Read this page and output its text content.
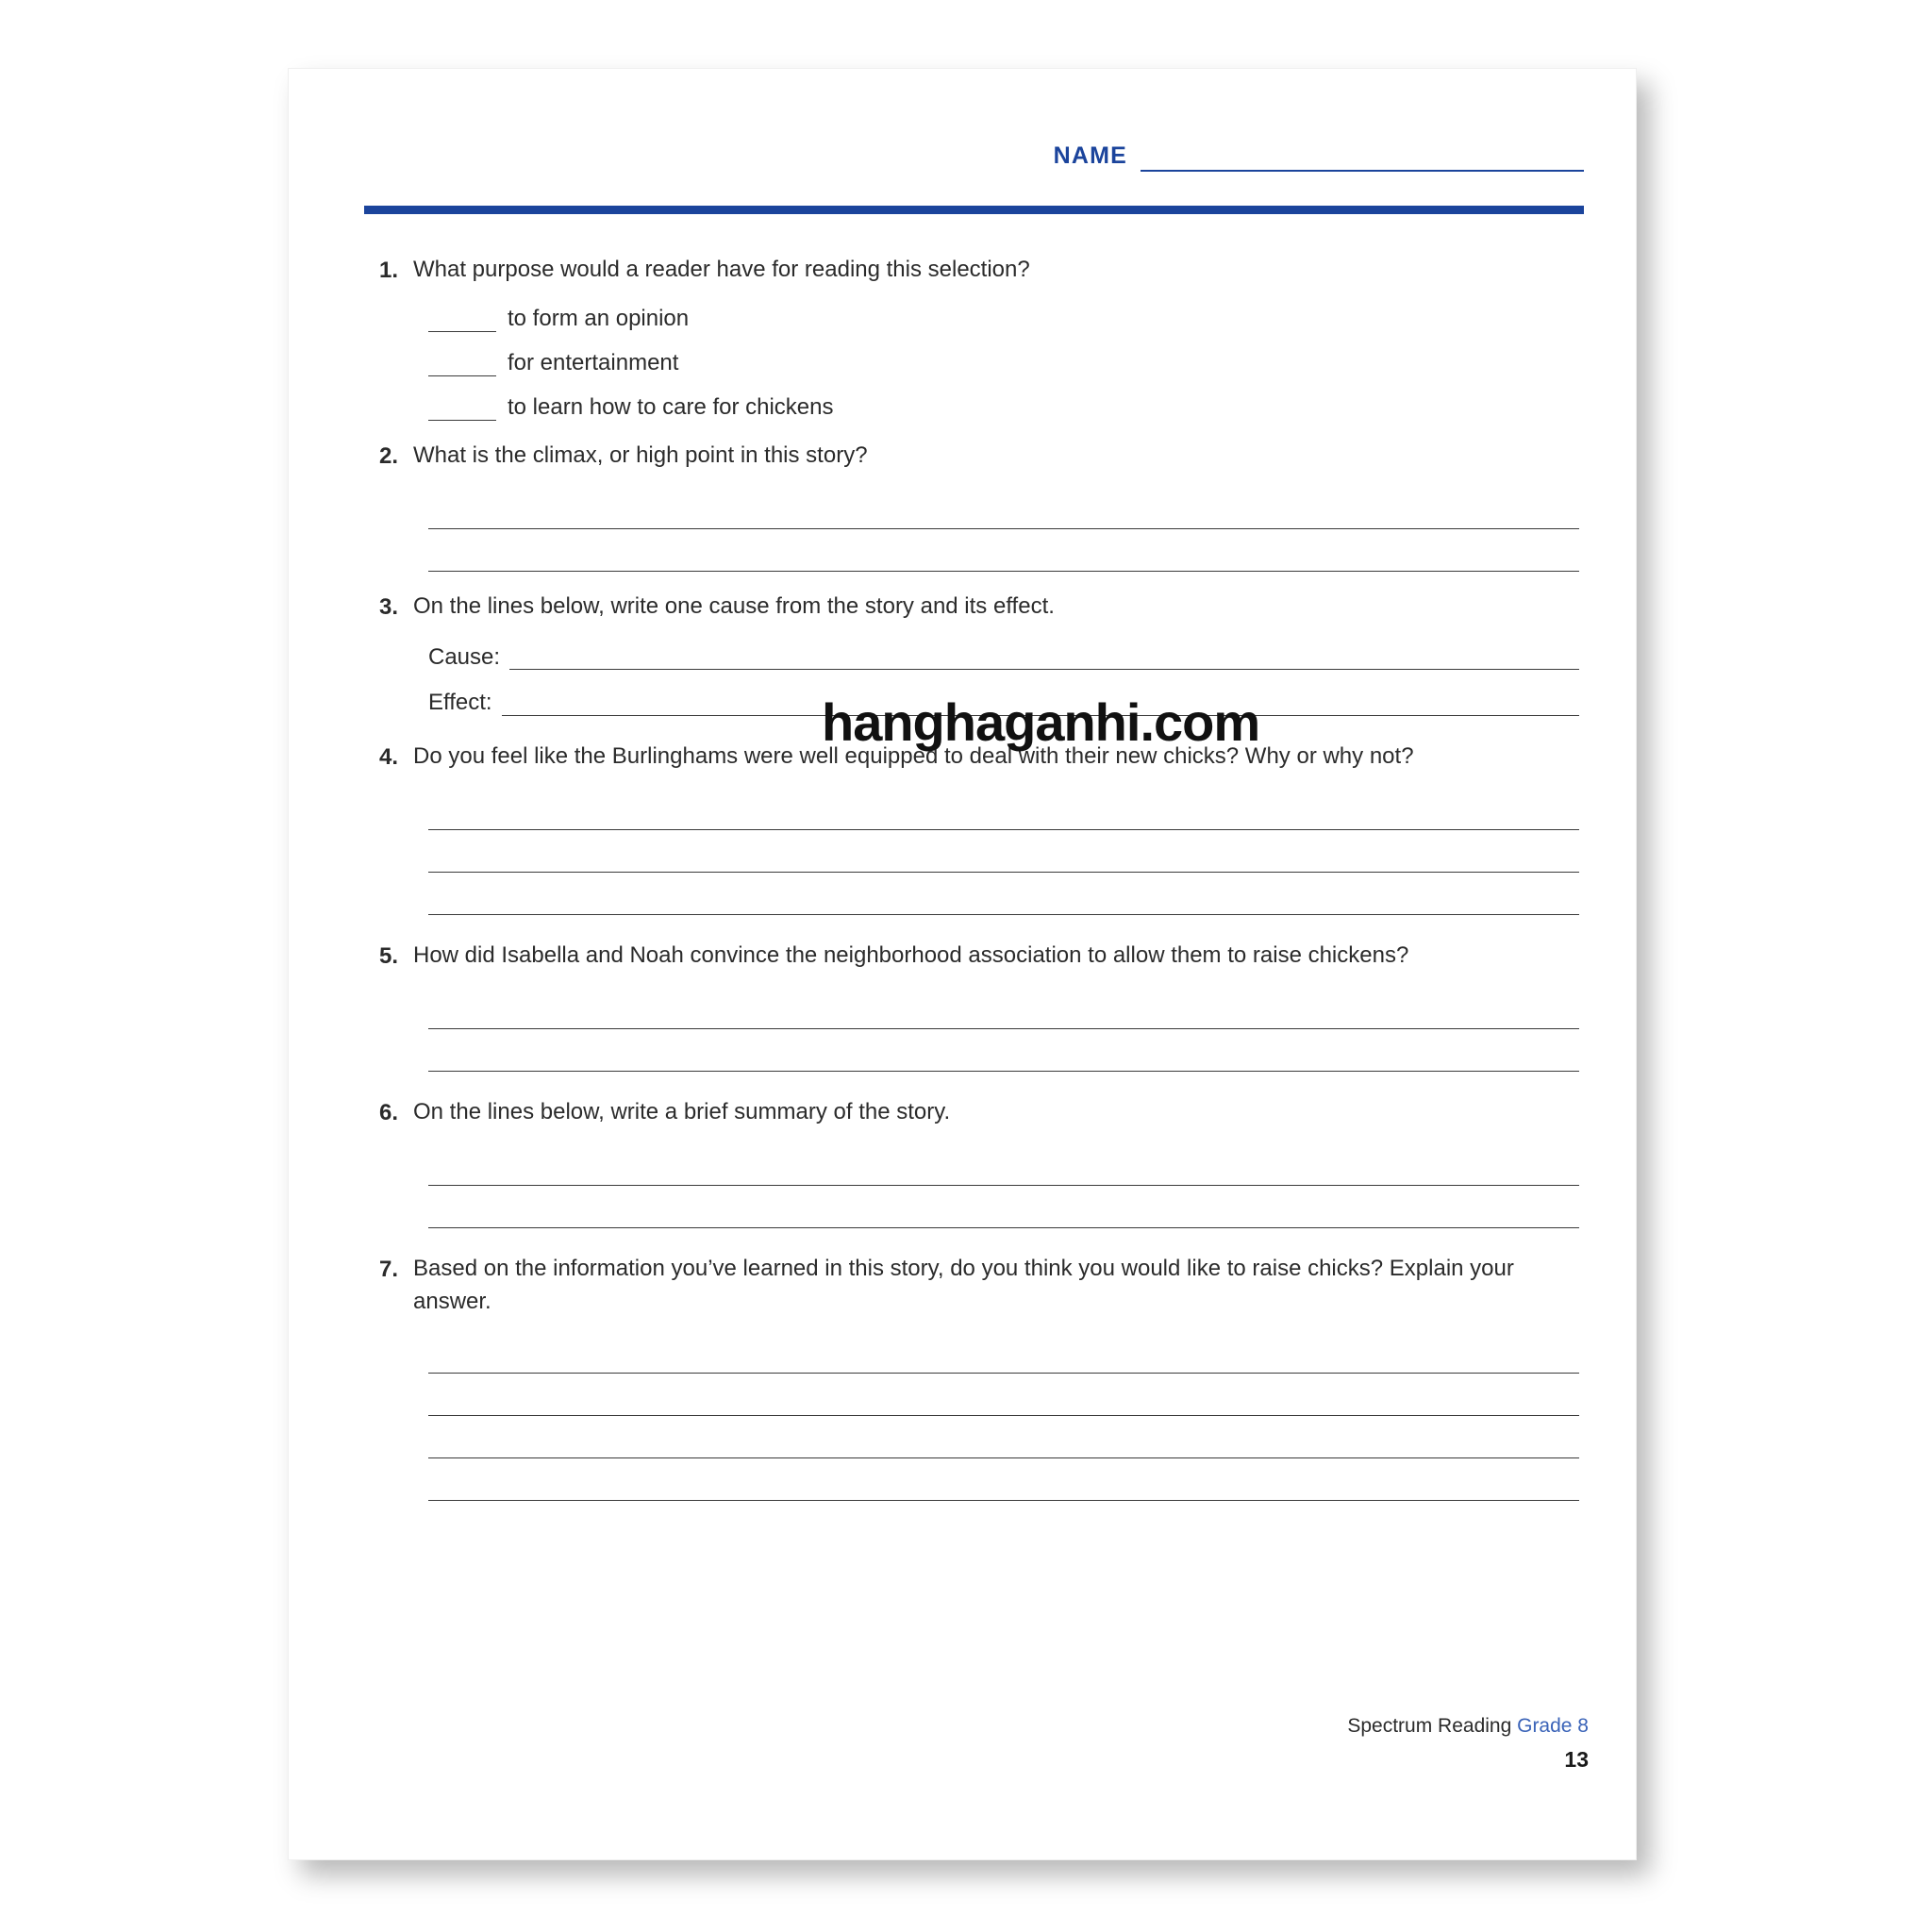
NAME
1. What purpose would a reader have for reading this selection?
to form an opinion
for entertainment
to learn how to care for chickens
2. What is the climax, or high point in this story?
3. On the lines below, write one cause from the story and its effect.
Cause:
Effect:
4. Do you feel like the Burlinghams were well equipped to deal with their new chicks? Why or why not?
5. How did Isabella and Noah convince the neighborhood association to allow them to raise chickens?
6. On the lines below, write a brief summary of the story.
7. Based on the information you’ve learned in this story, do you think you would like to raise chicks? Explain your answer.
hanghaganhi.com
Spectrum Reading Grade 8
13
